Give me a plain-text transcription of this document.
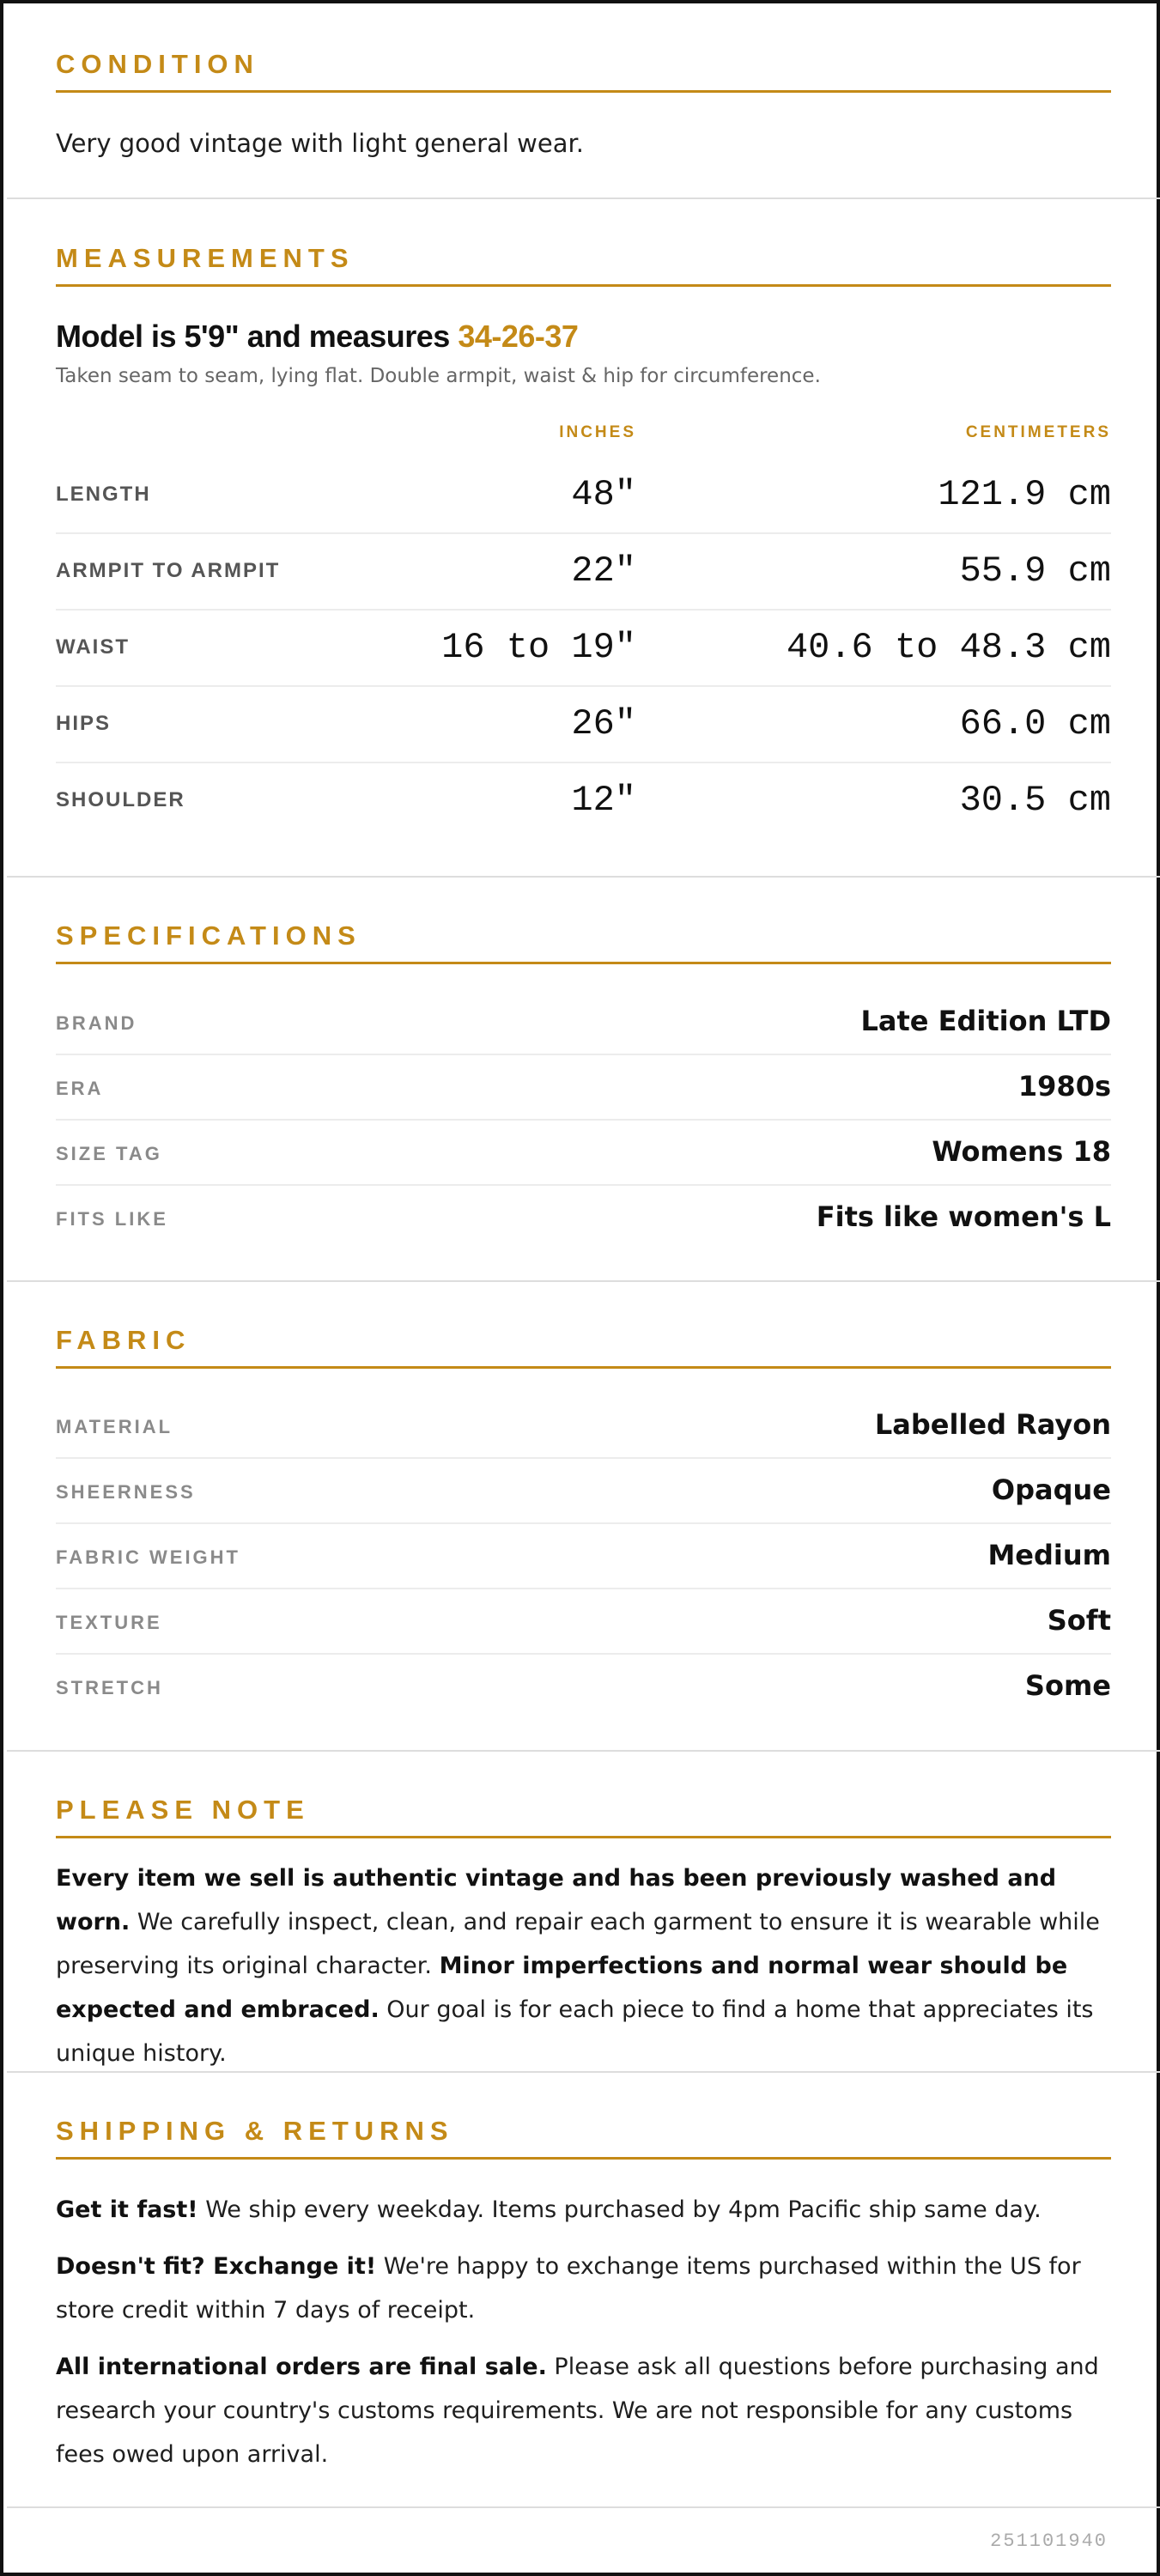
CONDITION
Very good vintage with light general wear.
MEASUREMENTS
Model is 5'9" and measures 34-26-37
Taken seam to seam, lying flat. Double armpit, waist & hip for circumference.
INCHES	CENTIMETERS
LENGTH	48"	121.9 cm
ARMPIT TO ARMPIT	22"	55.9 cm
WAIST	16 to 19"	40.6 to 48.3 cm
HIPS	26"	66.0 cm
SHOULDER	12"	30.5 cm
SPECIFICATIONS
BRAND	Late Edition LTD
ERA	1980s
SIZE TAG	Womens 18
FITS LIKE	Fits like women's L
FABRIC
MATERIAL	Labelled Rayon
SHEERNESS	Opaque
FABRIC WEIGHT	Medium
TEXTURE	Soft
STRETCH	Some
PLEASE NOTE
Every item we sell is authentic vintage and has been previously washed and worn. We carefully inspect, clean, and repair each garment to ensure it is wearable while preserving its original character. Minor imperfections and normal wear should be expected and embraced. Our goal is for each piece to find a home that appreciates its unique history.
SHIPPING & RETURNS
Get it fast! We ship every weekday. Items purchased by 4pm Pacific ship same day.
Doesn't fit? Exchange it! We're happy to exchange items purchased within the US for store credit within 7 days of receipt.
All international orders are final sale. Please ask all questions before purchasing and research your country's customs requirements. We are not responsible for any customs fees owed upon arrival.
251101940
